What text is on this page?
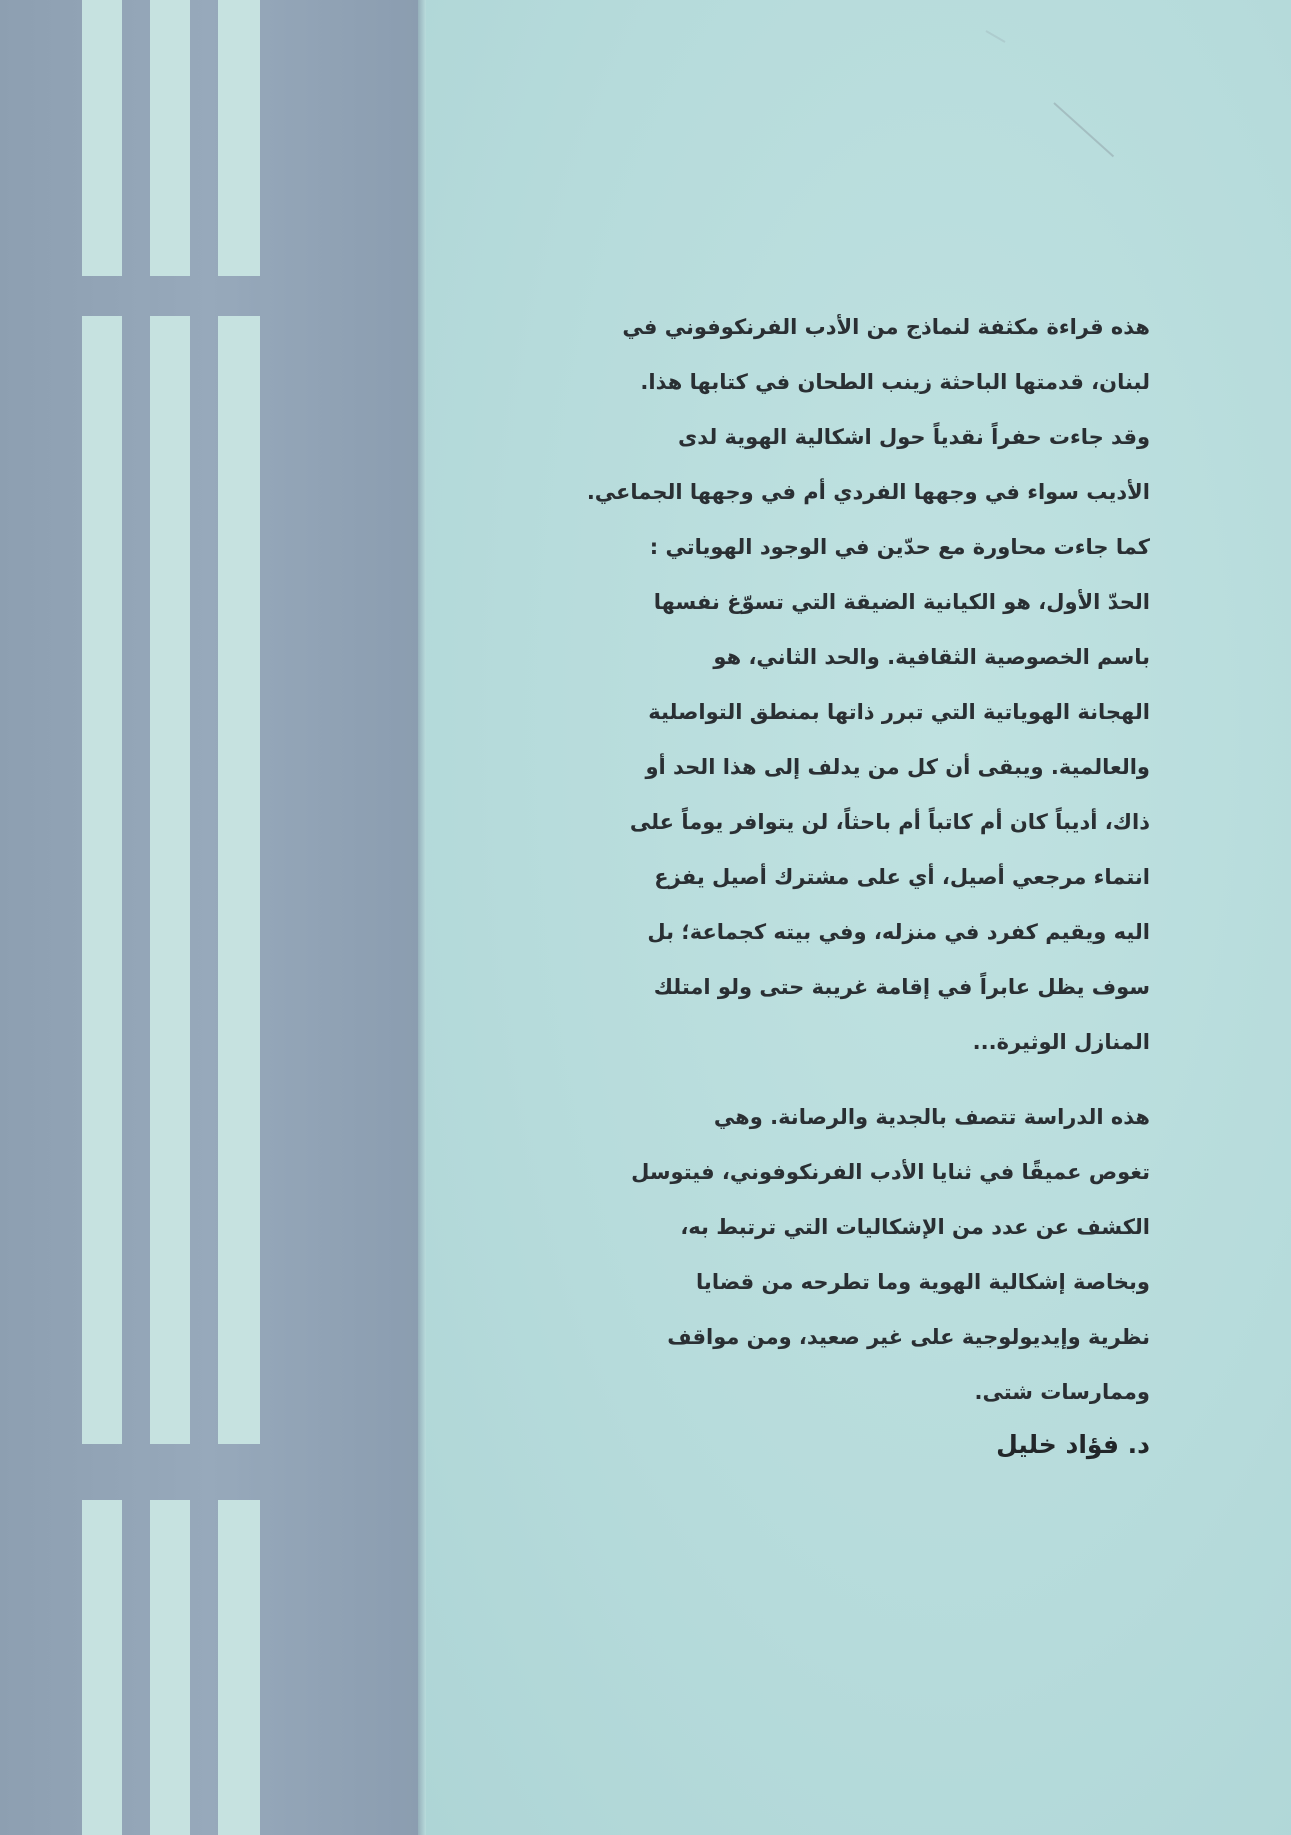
هذه قراءة مكثفة لنماذج من الأدب الفرنكوفوني في
لبنان، قدمتها الباحثة زينب الطحان في كتابها هذا.
وقد جاءت حفراً نقدياً حول اشكالية الهوية لدى
الأديب سواء في وجهها الفردي أم في وجهها الجماعي.
كما جاءت محاورة مع حدّين في الوجود الهوياتي :
الحدّ الأول، هو الكيانية الضيقة التي تسوّغ نفسها
باسم الخصوصية الثقافية. والحد الثاني، هو
الهجانة الهوياتية التي تبرر ذاتها بمنطق التواصلية
والعالمية. ويبقى أن كل من يدلف إلى هذا الحد أو
ذاك، أديباً كان أم كاتباً أم باحثاً، لن يتوافر يوماً على
انتماء مرجعي أصيل، أي على مشترك أصيل يفزع
اليه ويقيم كفرد في منزله، وفي بيته كجماعة؛ بل
سوف يظل عابراً في إقامة غريبة حتى ولو امتلك
المنازل الوثيرة...
هذه الدراسة تتصف بالجدية والرصانة. وهي
تغوص عميقًا في ثنايا الأدب الفرنكوفوني، فيتوسل
الكشف عن عدد من الإشكاليات التي ترتبط به،
وبخاصة إشكالية الهوية وما تطرحه من قضايا
نظرية وإيديولوجية على غير صعيد، ومن مواقف
وممارسات شتى.
د. فؤاد خليل
